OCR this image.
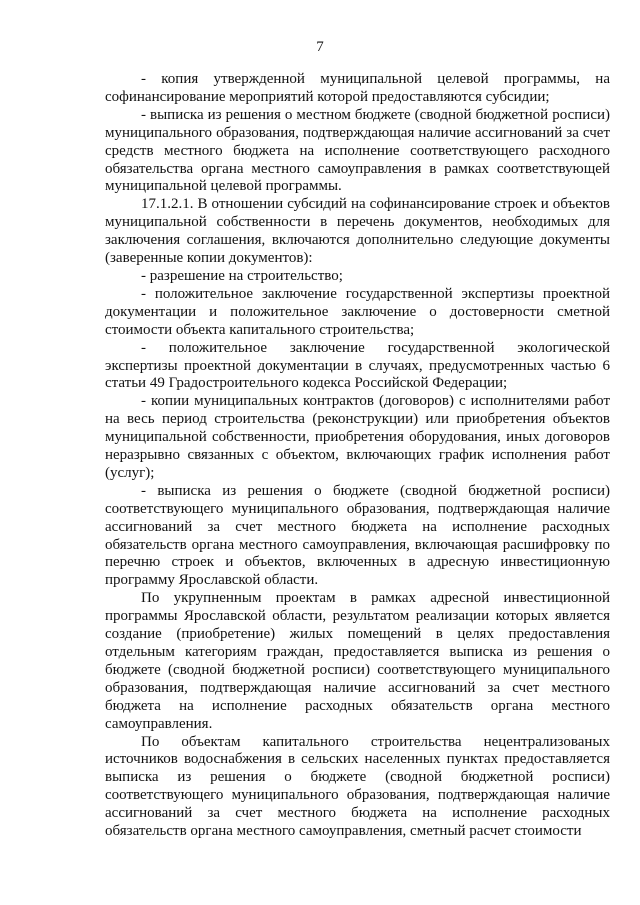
7

- копия утвержденной муниципальной целевой программы, на софинансирование мероприятий которой предоставляются субсидии;

- выписка из решения о местном бюджете (сводной бюджетной росписи) муниципального образования, подтверждающая наличие ассигнований за счет средств местного бюджета на исполнение соответствующего расходного обязательства органа местного самоуправления в рамках соответствующей муниципальной целевой программы.

17.1.2.1. В отношении субсидий на софинансирование строек и объектов муниципальной собственности в перечень документов, необходимых для заключения соглашения, включаются дополнительно следующие документы (заверенные копии документов):

- разрешение на строительство;

- положительное заключение государственной экспертизы проектной документации и положительное заключение о достоверности сметной стоимости объекта капитального строительства;

- положительное заключение государственной экологической экспертизы проектной документации в случаях, предусмотренных частью 6 статьи 49 Градостроительного кодекса Российской Федерации;

- копии муниципальных контрактов (договоров) с исполнителями работ на весь период строительства (реконструкции) или приобретения объектов муниципальной собственности, приобретения оборудования, иных договоров неразрывно связанных с объектом, включающих график исполнения работ (услуг);

- выписка из решения о бюджете (сводной бюджетной росписи) соответствующего муниципального образования, подтверждающая наличие ассигнований за счет местного бюджета на исполнение расходных обязательств органа местного самоуправления, включающая расшифровку по перечню строек и объектов, включенных в адресную инвестиционную программу Ярославской области.

По укрупненным проектам в рамках адресной инвестиционной программы Ярославской области, результатом реализации которых является создание (приобретение) жилых помещений в целях предоставления отдельным категориям граждан, предоставляется выписка из решения о бюджете (сводной бюджетной росписи) соответствующего муниципального образования, подтверждающая наличие ассигнований за счет местного бюджета на исполнение расходных обязательств органа местного самоуправления.

По объектам капитального строительства нецентрализованых источников водоснабжения в сельских населенных пунктах предоставляется выписка из решения о бюджете (сводной бюджетной росписи) соответствующего муниципального образования, подтверждающая наличие ассигнований за счет местного бюджета на исполнение расходных обязательств органа местного самоуправления, сметный расчет стоимости
